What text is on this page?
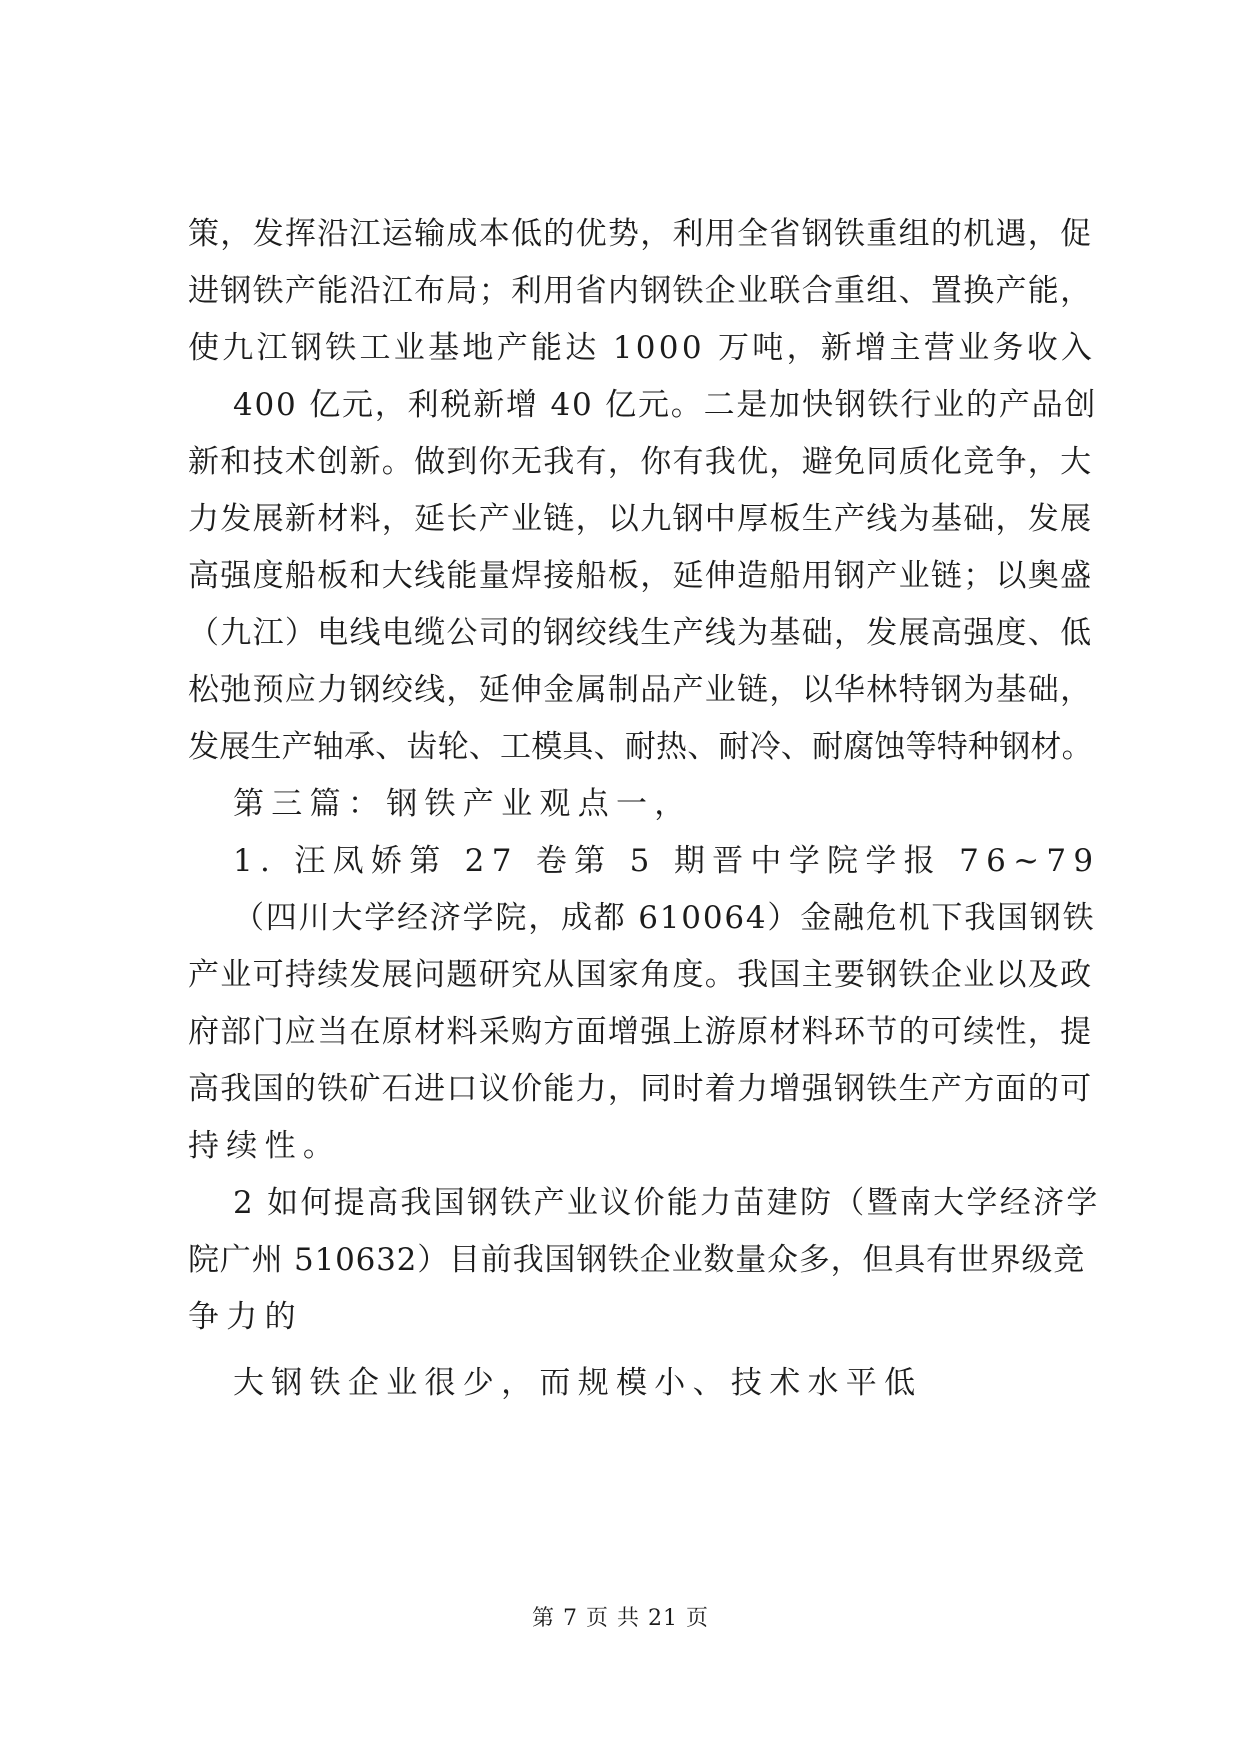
策，发挥沿江运输成本低的优势，利用全省钢铁重组的机遇，促

进钢铁产能沿江布局；利用省内钢铁企业联合重组、置换产能，

使九江钢铁工业基地产能达 1000 万吨，新增主营业务收入

400 亿元，利税新增 40 亿元。二是加快钢铁行业的产品创

新和技术创新。做到你无我有，你有我优，避免同质化竞争，大

力发展新材料，延长产业链，以九钢中厚板生产线为基础，发展

高强度船板和大线能量焊接船板，延伸造船用钢产业链；以奥盛

（九江）电线电缆公司的钢绞线生产线为基础，发展高强度、低

松弛预应力钢绞线，延伸金属制品产业链，以华林特钢为基础，

发展生产轴承、齿轮、工模具、耐热、耐冷、耐腐蚀等特种钢材。

第三篇：钢铁产业观点一，

1. 汪凤娇第 27 卷第 5 期晋中学院学报 76~79

（四川大学经济学院，成都 610064）金融危机下我国钢铁

产业可持续发展问题研究从国家角度。我国主要钢铁企业以及政

府部门应当在原材料采购方面增强上游原材料环节的可续性，提

高我国的铁矿石进口议价能力，同时着力增强钢铁生产方面的可

持续性。

2 如何提高我国钢铁产业议价能力苗建防（暨南大学经济学

院广州 510632）目前我国钢铁企业数量众多，但具有世界级竞

争力的

大钢铁企业很少，而规模小、技术水平低

第 7 页 共 21 页
